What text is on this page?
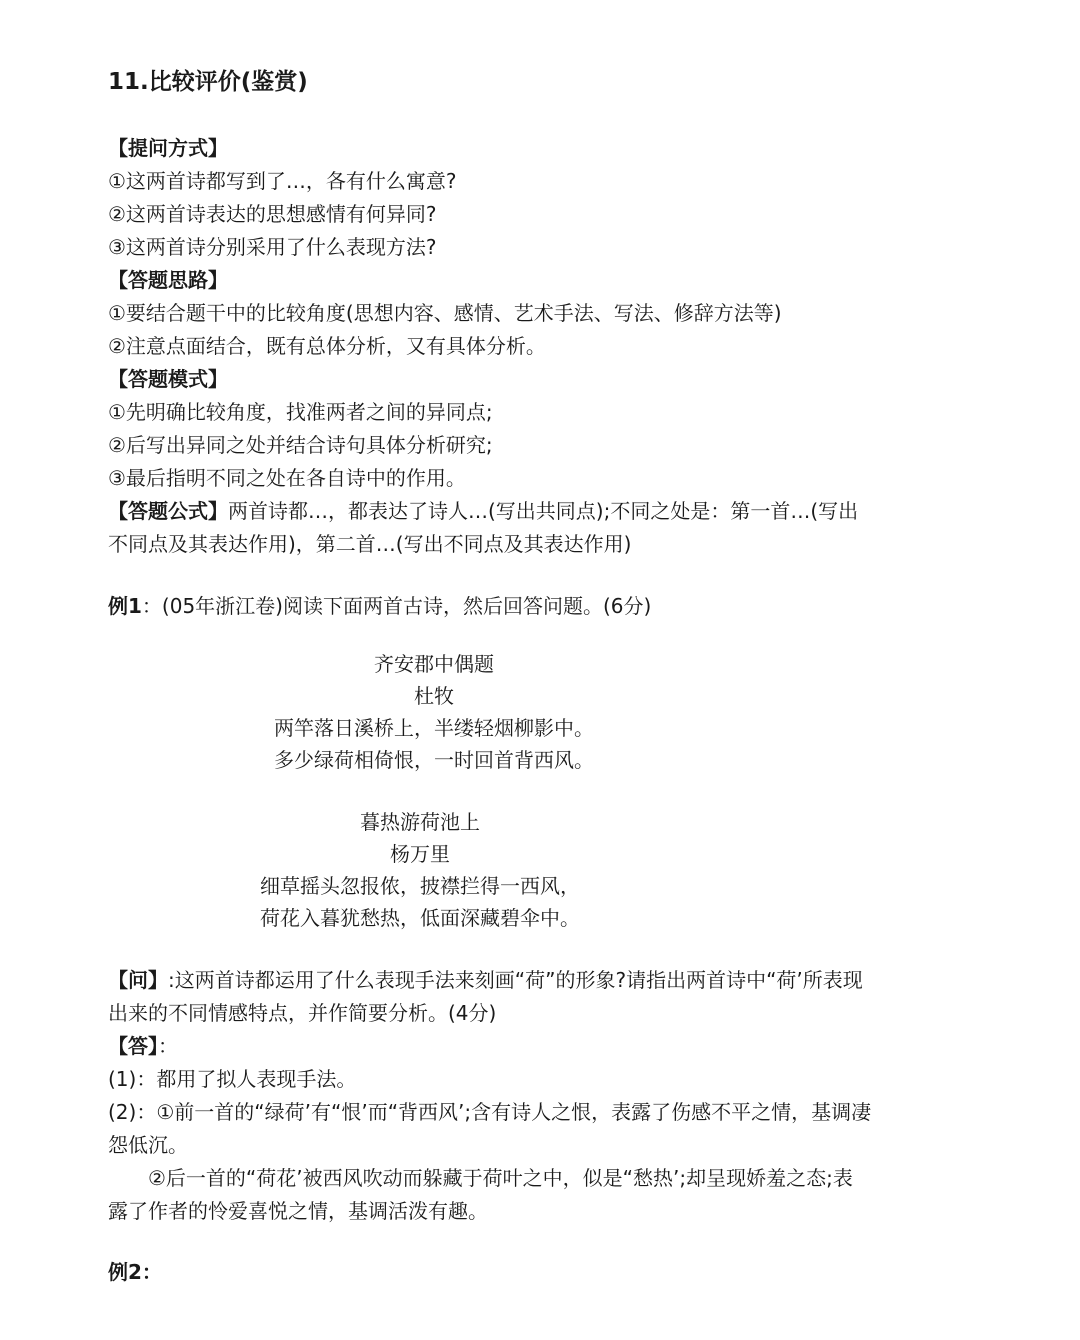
11.比较评价(鉴赏)
【提问方式】
①这两首诗都写到了…，各有什么寓意?
②这两首诗表达的思想感情有何异同?
③这两首诗分别采用了什么表现方法?
【答题思路】
①要结合题干中的比较角度(思想内容、感情、艺术手法、写法、修辞方法等)
②注意点面结合，既有总体分析，又有具体分析。
【答题模式】
①先明确比较角度，找准两者之间的异同点;
②后写出异同之处并结合诗句具体分析研究;
③最后指明不同之处在各自诗中的作用。
【答题公式】两首诗都…，都表达了诗人…(写出共同点);不同之处是：第一首…(写出
不同点及其表达作用)，第二首…(写出不同点及其表达作用)
例1：(05年浙江卷)阅读下面两首古诗，然后回答问题。(6分)
齐安郡中偶题
杜牧
两竿落日溪桥上，半缕轻烟柳影中。
多少绿荷相倚恨，一时回首背西风。
暮热游荷池上
杨万里
细草摇头忽报侬，披襟拦得一西风，
荷花入暮犹愁热，低面深藏碧伞中。
【问】:这两首诗都运用了什么表现手法来刻画“荷”的形象?请指出两首诗中“荷’所表现
出来的不同情感特点，并作简要分析。(4分)
【答】：
(1)：都用了拟人表现手法。
(2)：①前一首的“绿荷’有“恨’而“背西风’;含有诗人之恨，表露了伤感不平之情，基调凄
怨低沉。
②后一首的“荷花’被西风吹动而躲藏于荷叶之中，似是“愁热’;却呈现娇羞之态;表
露了作者的怜爱喜悦之情，基调活泼有趣。
例2：
